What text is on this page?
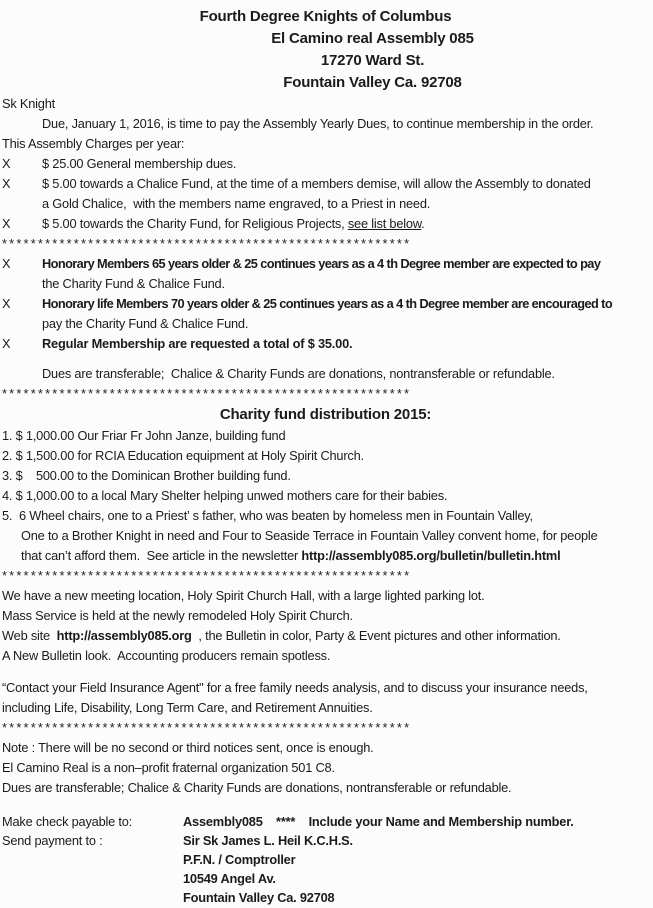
Fourth Degree Knights of Columbus
El Camino real Assembly 085
17270 Ward St.
Fountain Valley Ca. 92708
Sk Knight
Due, January 1, 2016, is time to pay the Assembly Yearly Dues, to continue membership in the order.
This Assembly Charges per year:
X	$ 25.00 General membership dues.
X	$ 5.00 towards a Chalice Fund, at the time of a members demise, will allow the Assembly to donated
a Gold Chalice,  with the members name engraved, to a Priest in need.
X	$ 5.00 towards the Charity Fund, for Religious Projects, see list below.
*********************************************************
X	Honorary Members 65 years older & 25 continues years as a 4 th Degree member are expected to pay
the Charity Fund & Chalice Fund.
X	Honorary life Members 70 years older & 25 continues years as a 4 th Degree member are encouraged to
pay the Charity Fund & Chalice Fund.
X	Regular Membership are requested a total of $ 35.00.
Dues are transferable;  Chalice & Charity Funds are donations, nontransferable or refundable.
*********************************************************
Charity fund distribution 2015:
1. $ 1,000.00 Our Friar Fr John Janze, building fund
2. $ 1,500.00 for RCIA Education equipment at Holy Spirit Church.
3. $    500.00 to the Dominican Brother building fund.
4. $ 1,000.00 to a local Mary Shelter helping unwed mothers care for their babies.
5.  6 Wheel chairs, one to a Priest’ s father, who was beaten by homeless men in Fountain Valley,
One to a Brother Knight in need and Four to Seaside Terrace in Fountain Valley convent home, for people
that can’t afford them.  See article in the newsletter http://assembly085.org/bulletin/bulletin.html
*********************************************************
We have a new meeting location, Holy Spirit Church Hall, with a large lighted parking lot.
Mass Service is held at the newly remodeled Holy Spirit Church.
Web site  http://assembly085.org  , the Bulletin in color, Party & Event pictures and other information.
A New Bulletin look.  Accounting producers remain spotless.
“Contact your Field Insurance Agent" for a free family needs analysis, and to discuss your insurance needs,
including Life, Disability, Long Term Care, and Retirement Annuities.
*********************************************************
Note : There will be no second or third notices sent, once is enough.
El Camino Real is a non–profit fraternal organization 501 C8.
Dues are transferable; Chalice & Charity Funds are donations, nontransferable or refundable.
Make check payable to:	Assembly085    ****    Include your Name and Membership number.
Send payment to :	Sir Sk James L. Heil K.C.H.S.
P.F.N. / Comptroller
10549 Angel Av.
Fountain Valley Ca. 92708
